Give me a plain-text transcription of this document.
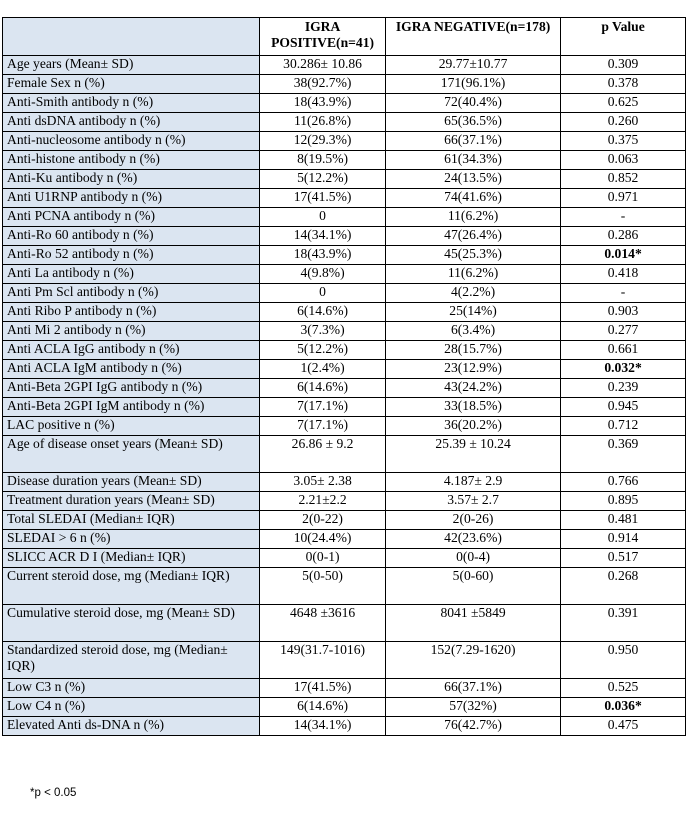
	IGRA POSITIVE(n=41)	IGRA NEGATIVE(n=178)	p Value
Age years (Mean± SD)	30.286± 10.86	29.77±10.77	0.309
Female Sex n (%)	38(92.7%)	171(96.1%)	0.378
Anti-Smith antibody n (%)	18(43.9%)	72(40.4%)	0.625
Anti dsDNA antibody n (%)	11(26.8%)	65(36.5%)	0.260
Anti-nucleosome antibody n (%)	12(29.3%)	66(37.1%)	0.375
Anti-histone antibody n (%)	8(19.5%)	61(34.3%)	0.063
Anti-Ku antibody n (%)	5(12.2%)	24(13.5%)	0.852
Anti U1RNP antibody n (%)	17(41.5%)	74(41.6%)	0.971
Anti PCNA antibody n (%)	0	11(6.2%)	-
Anti-Ro 60 antibody n (%)	14(34.1%)	47(26.4%)	0.286
Anti-Ro 52 antibody n (%)	18(43.9%)	45(25.3%)	0.014*
Anti La antibody n (%)	4(9.8%)	11(6.2%)	0.418
Anti Pm Scl antibody n (%)	0	4(2.2%)	-
Anti Ribo P antibody n (%)	6(14.6%)	25(14%)	0.903
Anti Mi 2 antibody n (%)	3(7.3%)	6(3.4%)	0.277
Anti ACLA IgG antibody n (%)	5(12.2%)	28(15.7%)	0.661
Anti ACLA IgM antibody n (%)	1(2.4%)	23(12.9%)	0.032*
Anti-Beta 2GPI IgG antibody n (%)	6(14.6%)	43(24.2%)	0.239
Anti-Beta 2GPI IgM antibody n (%)	7(17.1%)	33(18.5%)	0.945
LAC positive n (%)	7(17.1%)	36(20.2%)	0.712
Age of disease onset years (Mean± SD)	26.86 ± 9.2	25.39 ± 10.24	0.369
Disease duration years (Mean± SD)	3.05± 2.38	4.187± 2.9	0.766
Treatment duration years (Mean± SD)	2.21±2.2	3.57± 2.7	0.895
Total SLEDAI (Median± IQR)	2(0-22)	2(0-26)	0.481
SLEDAI > 6 n (%)	10(24.4%)	42(23.6%)	0.914
SLICC ACR D I (Median± IQR)	0(0-1)	0(0-4)	0.517
Current steroid dose, mg (Median± IQR)	5(0-50)	5(0-60)	0.268
Cumulative steroid dose, mg (Mean± SD)	4648 ±3616	8041 ±5849	0.391
Standardized steroid dose, mg (Median± IQR)	149(31.7-1016)	152(7.29-1620)	0.950
Low C3 n (%)	17(41.5%)	66(37.1%)	0.525
Low C4 n (%)	6(14.6%)	57(32%)	0.036*
Elevated Anti ds-DNA n (%)	14(34.1%)	76(42.7%)	0.475
*p < 0.05
